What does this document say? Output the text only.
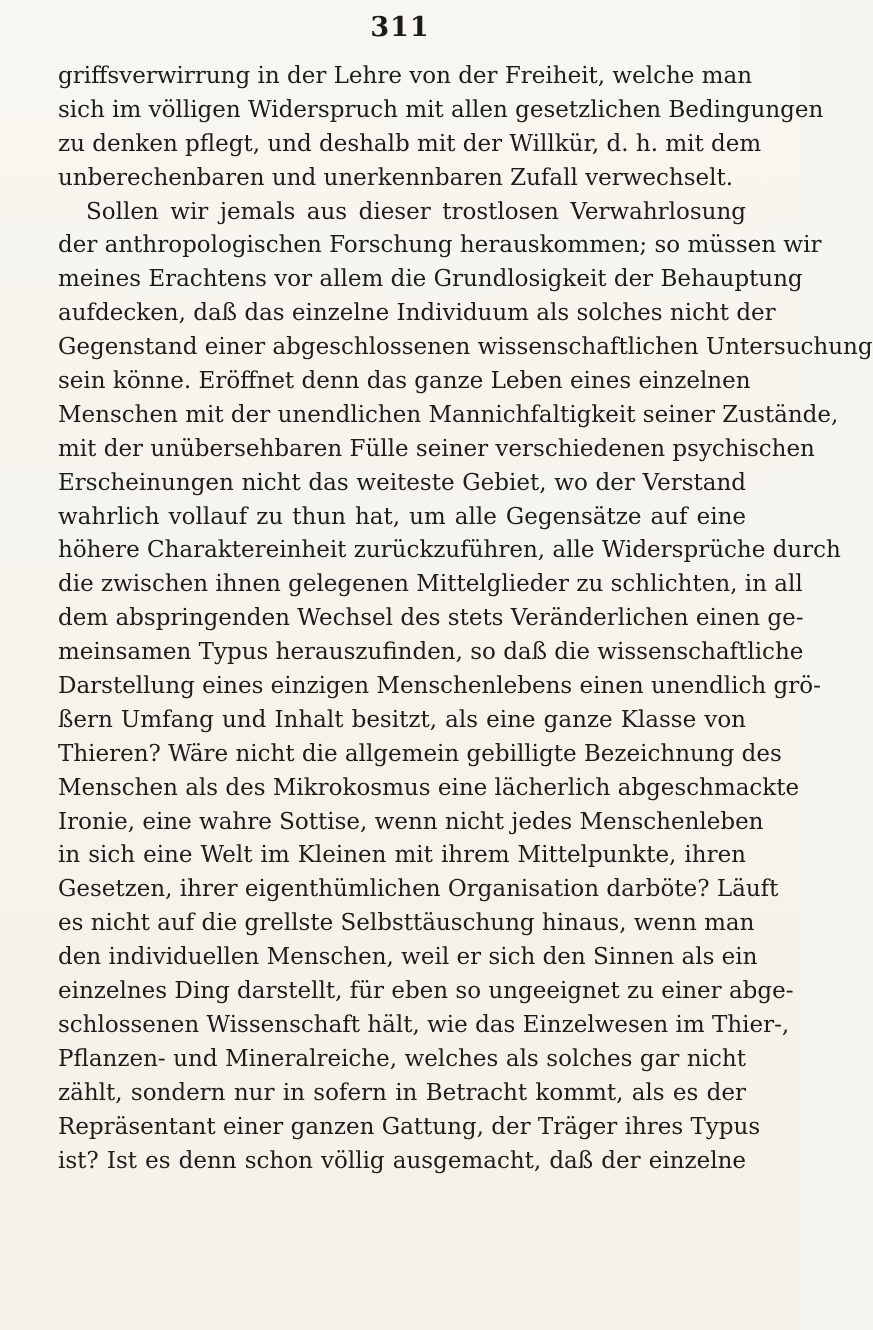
311
griffsverwirrung in der Lehre von der Freiheit, welche man
sich im völligen Widerspruch mit allen gesetzlichen Bedingungen
zu denken pflegt, und deshalb mit der Willkür, d. h. mit dem
unberechenbaren und unerkennbaren Zufall verwechselt.
Sollen wir jemals aus dieser trostlosen Verwahrlosung
der anthropologischen Forschung herauskommen; so müssen wir
meines Erachtens vor allem die Grundlosigkeit der Behauptung
aufdecken, daß das einzelne Individuum als solches nicht der
Gegenstand einer abgeschlossenen wissenschaftlichen Untersuchung
sein könne. Eröffnet denn das ganze Leben eines einzelnen
Menschen mit der unendlichen Mannichfaltigkeit seiner Zustände,
mit der unübersehbaren Fülle seiner verschiedenen psychischen
Erscheinungen nicht das weiteste Gebiet, wo der Verstand
wahrlich vollauf zu thun hat, um alle Gegensätze auf eine
höhere Charaktereinheit zurückzuführen, alle Widersprüche durch
die zwischen ihnen gelegenen Mittelglieder zu schlichten, in all
dem abspringenden Wechsel des stets Veränderlichen einen ge-
meinsamen Typus herauszufinden, so daß die wissenschaftliche
Darstellung eines einzigen Menschenlebens einen unendlich grö-
ßern Umfang und Inhalt besitzt, als eine ganze Klasse von
Thieren? Wäre nicht die allgemein gebilligte Bezeichnung des
Menschen als des Mikrokosmus eine lächerlich abgeschmackte
Ironie, eine wahre Sottise, wenn nicht jedes Menschenleben
in sich eine Welt im Kleinen mit ihrem Mittelpunkte, ihren
Gesetzen, ihrer eigenthümlichen Organisation darböte? Läuft
es nicht auf die grellste Selbsttäuschung hinaus, wenn man
den individuellen Menschen, weil er sich den Sinnen als ein
einzelnes Ding darstellt, für eben so ungeeignet zu einer abge-
schlossenen Wissenschaft hält, wie das Einzelwesen im Thier-,
Pflanzen- und Mineralreiche, welches als solches gar nicht
zählt, sondern nur in sofern in Betracht kommt, als es der
Repräsentant einer ganzen Gattung, der Träger ihres Typus
ist? Ist es denn schon völlig ausgemacht, daß der einzelne
